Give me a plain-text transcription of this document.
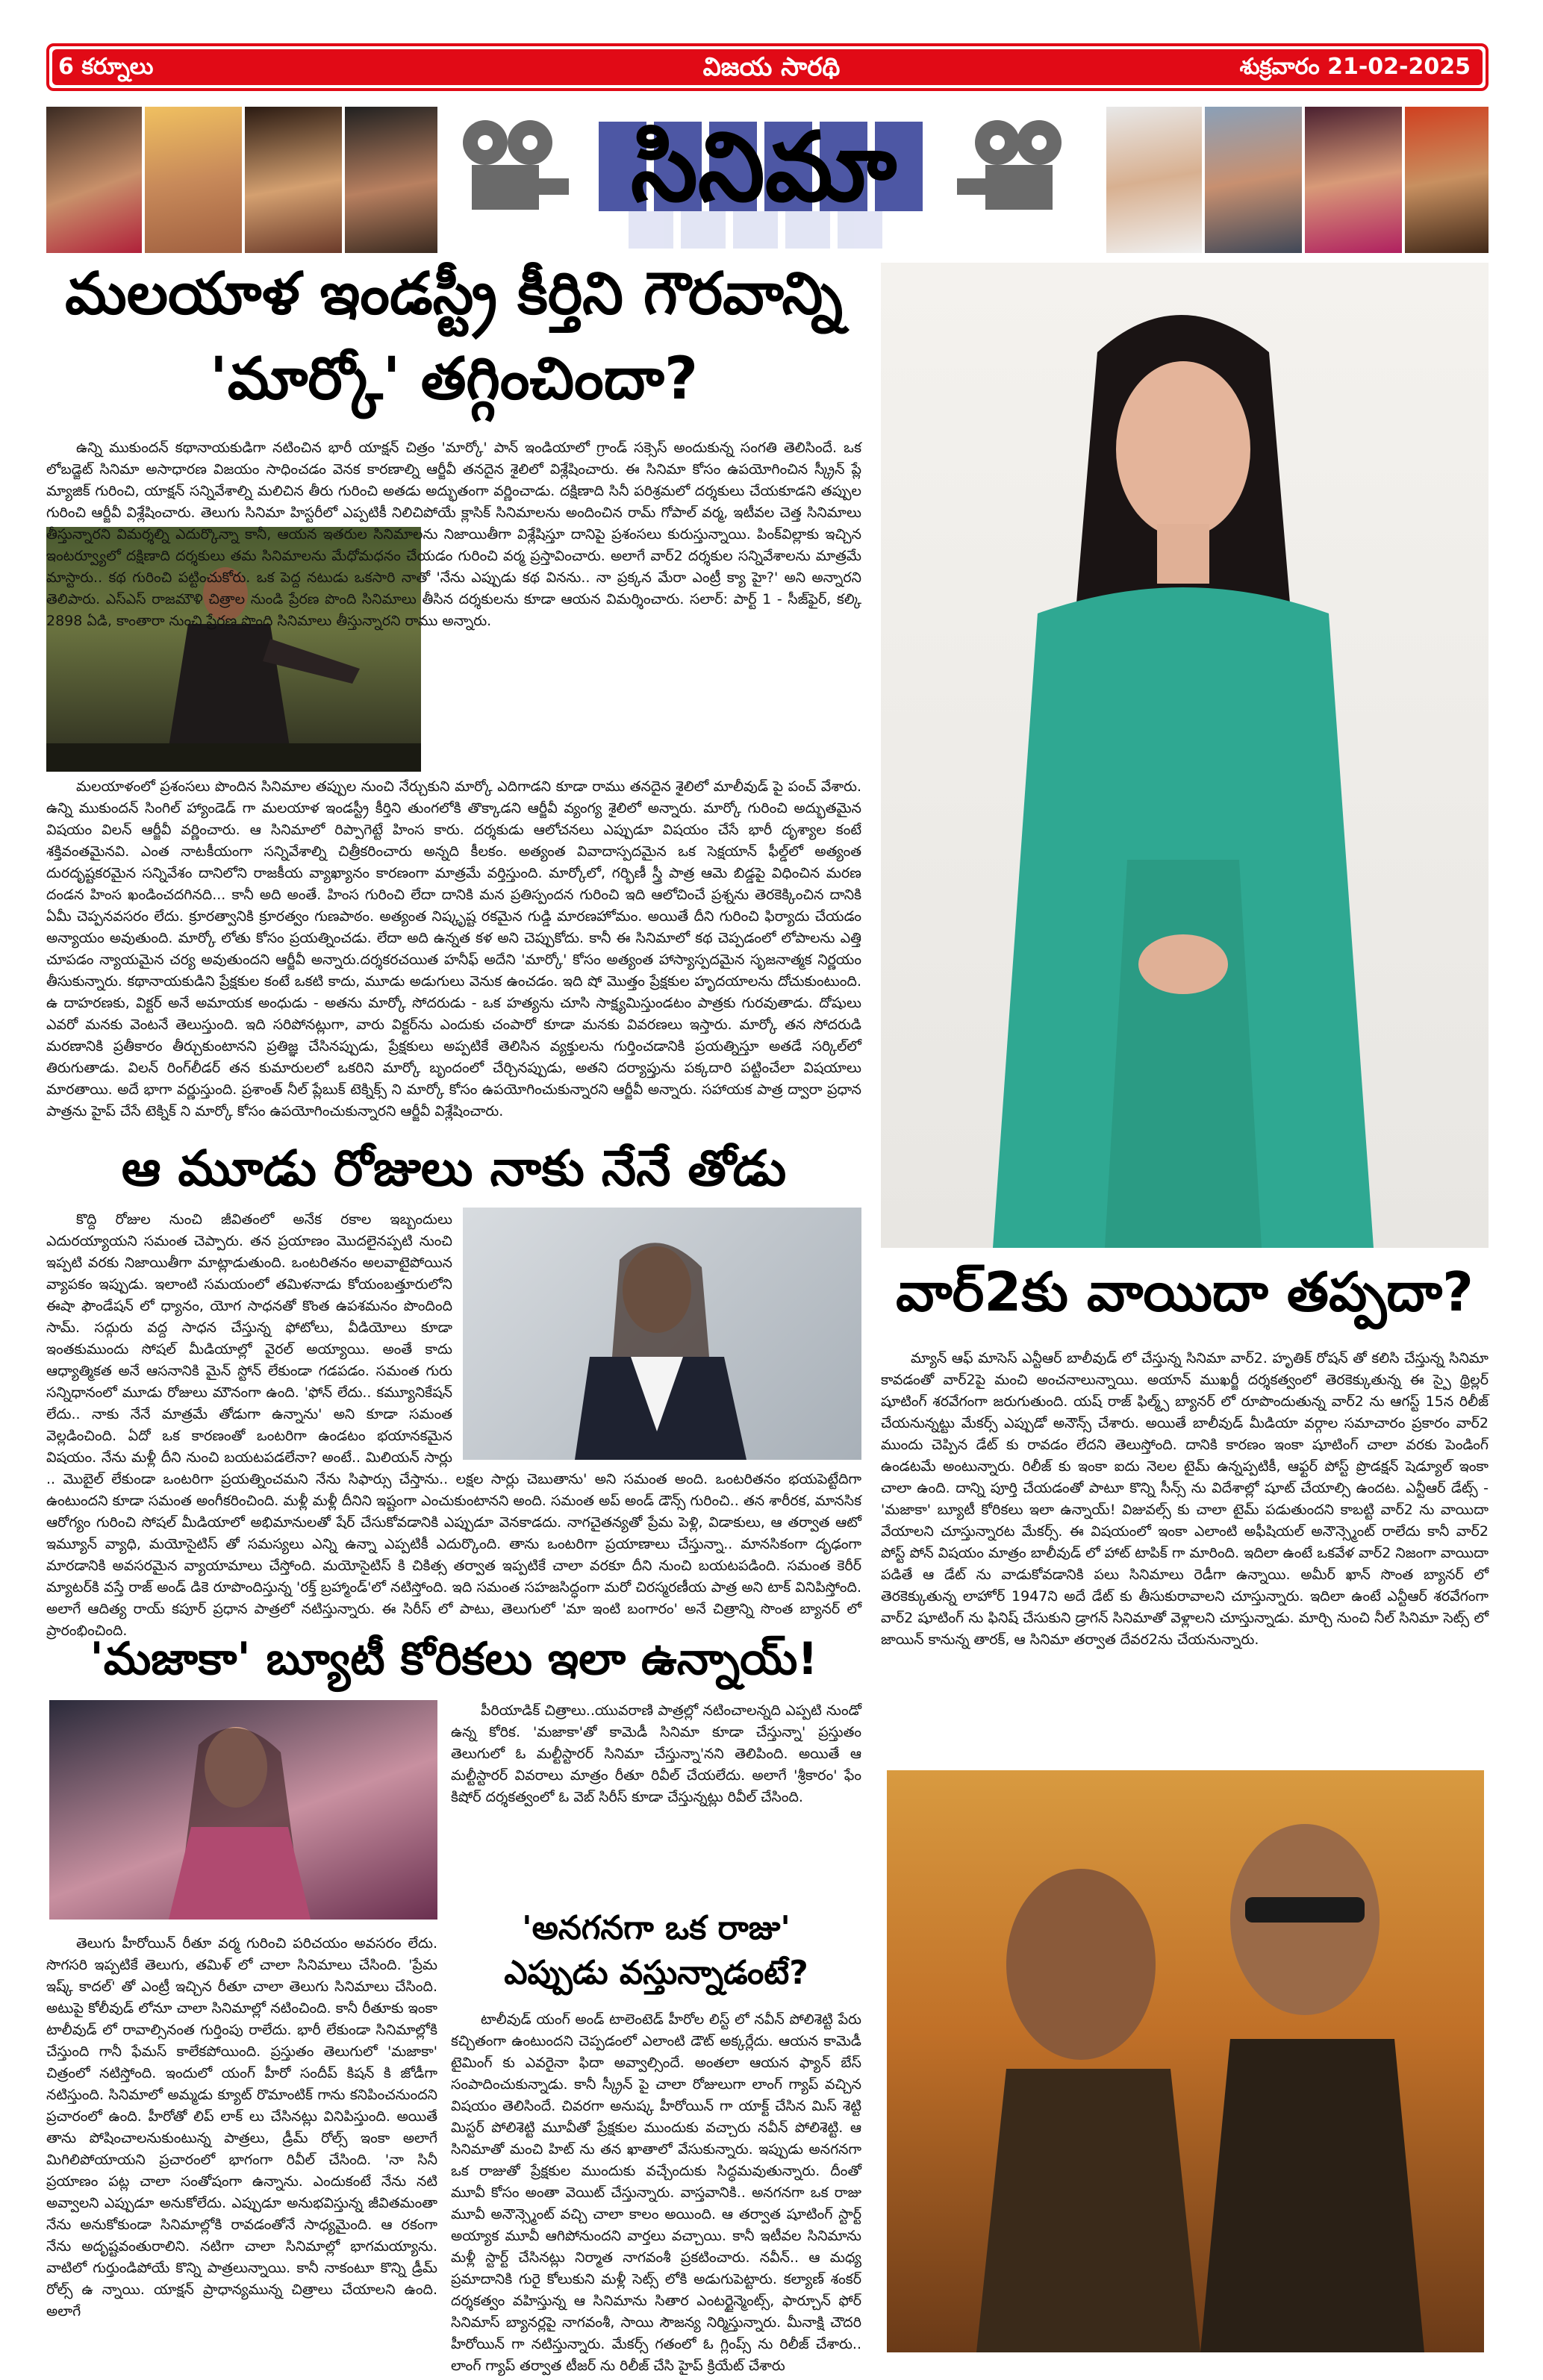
6 కర్నూలు	విజయ సారథి	శుక్రవారం 21-02-2025
సినిమా
మలయాళ ఇండస్ట్రీ కీర్తిని గౌరవాన్ని
'మార్కో' తగ్గించిందా?

ఉన్ని ముకుందన్ కథానాయకుడిగా నటించిన భారీ యాక్షన్ చిత్రం 'మార్కో' పాన్ ఇండియాలో గ్రాండ్ సక్సెస్ అందుకున్న సంగతి తెలిసిందే. ఒక లోబడ్జెట్ సినిమా అసాధారణ విజయం సాధించడం వెనక కారణాల్ని ఆర్జీవీ తనదైన శైలిలో విశ్లేషించారు. ఈ సినిమా కోసం ఉపయోగించిన స్క్రీన్ ప్లే మ్యాజిక్ గురించి, యాక్షన్ సన్నివేశాల్ని మలిచిన తీరు గురించి అతడు అద్భుతంగా వర్ణించాడు. దక్షిణాది సినీ పరిశ్రమలో దర్శకులు చేయకూడని తప్పుల గురించి ఆర్జీవీ విశ్లేషించారు. తెలుగు సినిమా హిస్టరీలో ఎప్పటికీ నిలిచిపోయే క్లాసిక్ సినిమాలను అందించిన రామ్ గోపాల్ వర్మ, ఇటీవల చెత్త సినిమాలు తీస్తున్నారని విమర్శల్ని ఎదుర్కొన్నా కానీ, ఆయన ఇతరుల సినిమాలను నిజాయితీగా విశ్లేషిస్తూ దానిపై ప్రశంసలు కురుస్తున్నాయి. పింక్‌విల్లాకు ఇచ్చిన ఇంటర్వ్యూలో దక్షిణాది దర్శకులు తమ సినిమాలను మేధోమధనం చేయడం గురించి వర్మ ప్రస్తావించారు. అలాగే వార్2 దర్శకుల సన్నివేశాలను మాత్రమే మాస్టారు.. కథ గురించి పట్టించుకోరు. ఒక పెద్ద నటుడు ఒకసారి నాతో 'నేను ఎప్పుడు కథ వినను.. నా ప్రక్కన మేరా ఎంట్రీ క్యా హై?' అని అన్నారని తెలిపారు. ఎస్ఎస్ రాజమౌళి చిత్రాల నుండి ప్రేరణ పొంది సినిమాలు తీసిన దర్శకులను కూడా ఆయన విమర్శించారు. సలార్: పార్ట్ 1 - సీజ్‌ఫైర్, కల్కి 2898 ఏడి, కాంతారా నుంచి ప్రేరణ పొంది సినిమాలు తీస్తున్నారని రాము అన్నారు.

మలయాళంలో ప్రశంసలు పొందిన సినిమాల తప్పుల నుంచి నేర్చుకుని మార్కో ఎదిగాడని కూడా రాము తనదైన శైలిలో మాలీవుడ్ పై పంచ్ వేశారు. ఉన్ని ముకుందన్ సింగిల్ హ్యాండెడ్ గా మలయాళ ఇండస్ట్రీ కీర్తిని తుంగలోకి తొక్కాడని ఆర్జీవీ వ్యంగ్య శైలిలో అన్నారు. మార్కో గురించి అద్భుతమైన విషయం విలన్ ఆర్జీవీ వర్ణించారు. ఆ సినిమాలో రిప్పాగెట్టే హింస కారు. దర్శకుడు ఆలోచనలు ఎప్పుడూ విషయం చేసే భారీ దృశ్యాల కంటే శక్తివంతమైనవి. ఎంత నాటకీయంగా సన్నివేశాల్ని చిత్రీకరించారు అన్నది కీలకం. అత్యంత వివాదాస్పదమైన ఒక సెక్షయాన్ ఫీల్డ్‌లో అత్యంత దురదృష్టకరమైన సన్నివేశం దానిలోని రాజకీయ వ్యాఖ్యానం కారణంగా మాత్రమే వర్తిస్తుంది. మార్కోలో, గర్భిణీ స్త్రీ పాత్ర ఆమె బిడ్డపై విధించిన మరణ దండన హింస ఖండించదగినది... కానీ అది అంతే. హింస గురించి లేదా దానికి మన ప్రతిస్పందన గురించి ఇది ఆలోచించే ప్రశ్నను తెరకెక్కించిన దానికి ఏమీ చెప్పనవసరం లేదు. క్రూరత్వానికి క్రూరత్వం గుణపాఠం. అత్యంత నిష్కృష్ట రకమైన గుడ్డి మారణహోమం. అయితే దీని గురించి ఫిర్యాదు చేయడం అన్యాయం అవుతుంది. మార్కో లోతు కోసం ప్రయత్నించడు. లేదా అది ఉన్నత కళ అని చెప్పుకోదు. కానీ ఈ సినిమాలో కథ చెప్పడంలో లోపాలను ఎత్తి చూపడం న్యాయమైన చర్య అవుతుందని ఆర్జీవీ అన్నారు.దర్శకరచయిత హనీఫ్ అదేని 'మార్కో' కోసం అత్యంత హాస్యాస్పదమైన సృజనాత్మక నిర్ణయం తీసుకున్నారు. కథానాయకుడిని ప్రేక్షకుల కంటే ఒకటి కాదు, మూడు అడుగులు వెనుక ఉంచడం. ఇది షో మొత్తం ప్రేక్షకుల హృదయాలను దోచుకుంటుంది. ఉ దాహరణకు, విక్టర్ అనే అమాయక అంధుడు - అతను మార్కో సోదరుడు - ఒక హత్యను చూసి సాక్ష్యమిస్తుండటం పాత్రకు గురవుతాడు. దోషులు ఎవరో మనకు వెంటనే తెలుస్తుంది. ఇది సరిపోనట్లుగా, వారు విక్టర్‌ను ఎందుకు చంపారో కూడా మనకు వివరణలు ఇస్తారు. మార్కో తన సోదరుడి మరణానికి ప్రతీకారం తీర్చుకుంటానని ప్రతిజ్ఞ చేసినప్పుడు, ప్రేక్షకులు అప్పటికే తెలిసిన వ్యక్తులను గుర్తించడానికి ప్రయత్నిస్తూ అతడే సర్కిల్‌లో తిరుగుతాడు. విలన్ రింగ్‌లీడర్ తన కుమారులలో ఒకరిని మార్కో బృందంలో చేర్చినప్పుడు, అతని దర్యాప్తును పక్కదారి పట్టించేలా విషయాలు మారతాయి. అదే భాగా వర్ణుస్తుంది. ప్రశాంత్ నీల్ ప్లేబుక్ టెక్నిక్స్ ని మార్కో కోసం ఉపయోగించుకున్నారని ఆర్జీవీ అన్నారు. సహాయక పాత్ర ద్వారా ప్రధాన పాత్రను హైప్ చేసే టెక్నిక్ ని మార్కో కోసం ఉపయోగించుకున్నారని ఆర్జీవీ విశ్లేషించారు.

ఆ మూడు రోజులు నాకు నేనే తోడు

కొద్ది రోజుల నుంచి జీవితంలో అనేక రకాల ఇబ్బందులు ఎదురయ్యాయని సమంత చెప్పారు. తన ప్రయాణం మొదలైనప్పటి నుంచి ఇప్పటి వరకు నిజాయితీగా మాట్లాడుతుంది. ఒంటరితనం అలవాటైపోయిన వ్యాపకం ఇప్పుడు. ఇలాంటి సమయంలో తమిళనాడు కోయంబత్తూరులోని ఈషా ఫౌండేషన్ లో ధ్యానం, యోగ సాధనతో కొంత ఉపశమనం పొందింది సామ్. సద్గురు వద్ద సాధన చేస్తున్న ఫోటోలు, వీడియోలు కూడా ఇంతకుముందు సోషల్ మీడియాల్లో వైరల్ అయ్యాయి. అంతే కాదు ఆధ్యాత్మికత అనే ఆసనానికి మైన్ స్టోన్ లేకుండా గడపడం. సమంత గురు సన్నిధానంలో మూడు రోజులు మౌనంగా ఉంది. 'ఫోన్ లేదు.. కమ్యూనికేషన్ లేదు.. నాకు నేనే మాత్రమే తోడుగా ఉన్నాను' అని కూడా సమంత వెల్లడించింది. ఏదో ఒక కారణంతో ఒంటరిగా ఉండటం భయానకమైన విషయం. నేను మళ్లీ దీని నుంచి బయటపడలేనా? అంటే.. మిలియన్ సార్లు .. మొబైల్ లేకుండా ఒంటరిగా ప్రయత్నించమని నేను సిఫార్సు చేస్తాను.. లక్షల సార్లు చెబుతాను' అని సమంత అంది. ఒంటరితనం భయపెట్టేదిగా ఉంటుందని కూడా సమంత అంగీకరించింది. మళ్లీ మళ్లీ దీనిని ఇష్టంగా ఎంచుకుంటానని అంది. సమంత అప్ అండ్ డౌన్స్ గురించి.. తన శారీరక, మానసిక ఆరోగ్యం గురించి సోషల్ మీడియాలో అభిమానులతో షేర్ చేసుకోవడానికి ఎప్పుడూ వెనకాడదు. నాగచైతన్యతో ప్రేమ పెళ్లి, విడాకులు, ఆ తర్వాత ఆటో ఇమ్యూన్ వ్యాధి, మయోసైటిస్ తో సమస్యలు ఎన్ని ఉన్నా ఎప్పటికీ ఎదుర్కొంది. తాను ఒంటరిగా ప్రయాణాలు చేస్తున్నా.. మానసికంగా దృఢంగా మారడానికి అవసరమైన వ్యాయామాలు చేస్తోంది. మయోసైటిస్ కి చికిత్స తర్వాత ఇప్పటికే చాలా వరకూ దీని నుంచి బయటపడింది. సమంత కెరీర్ మ్యాటర్‌కి వస్తే రాజ్ అండ్ డికె రూపొందిస్తున్న 'రక్త్ బ్రహ్మాండ్'లో నటిస్తోంది. ఇది సమంత సహజసిద్ధంగా మరో చిరస్మరణీయ పాత్ర అని టాక్ వినిపిస్తోంది. అలాగే ఆదిత్య రాయ్ కపూర్ ప్రధాన పాత్రలో నటిస్తున్నారు. ఈ సిరీస్ లో పాటు, తెలుగులో 'మా ఇంటి బంగారం' అనే చిత్రాన్ని సొంత బ్యానర్ లో ప్రారంభించింది.

'మజాకా' బ్యూటీ కోరికలు ఇలా ఉన్నాయ్!

పీరియాడిక్ చిత్రాలు..యువరాణి పాత్రల్లో నటించాలన్నది ఎప్పటి నుండో ఉన్న కోరిక. 'మజాకా'తో కామెడీ సినిమా కూడా చేస్తున్నా' ప్రస్తుతం తెలుగులో ఓ మల్టీస్టారర్ సినిమా చేస్తున్నా'నని తెలిపింది. అయితే ఆ మల్టీస్టారర్ వివరాలు మాత్రం రీతూ రివీల్ చేయలేదు. అలాగే 'శ్రీకారం' ఫేం కిషోర్ దర్శకత్వంలో ఓ వెబ్ సిరీస్ కూడా చేస్తున్నట్లు రివీల్ చేసింది.

తెలుగు హీరోయిన్ రీతూ వర్మ గురించి పరిచయం అవసరం లేదు. సొగసరి ఇప్పటికే తెలుగు, తమిళ్ లో చాలా సినిమాలు చేసింది. 'ప్రేమ ఇష్క్ కాదల్' తో ఎంట్రీ ఇచ్చిన రీతూ చాలా తెలుగు సినిమాలు చేసింది. అటుపై కోలీవుడ్ లోనూ చాలా సినిమాల్లో నటించింది. కానీ రీతూకు ఇంకా టాలీవుడ్ లో రావాల్సినంత గుర్తింపు రాలేదు. భారీ లేకుండా సినిమాల్లోకి చేస్తుంది గానీ ఫేమస్ కాలేకపోయింది. ప్రస్తుతం తెలుగులో 'మజాకా' చిత్రంలో నటిస్తోంది. ఇందులో యంగ్ హీరో సందీప్ కిషన్ కి జోడీగా నటిస్తుంది. సినిమాలో అమ్మడు క్యూట్ రొమాంటిక్ గాను కనిపించనుందని ప్రచారంలో ఉంది. హీరోతో లిప్ లాక్ లు చేసినట్లు వినిపిస్తుంది. అయితే తాను పోషించాలనుకుంటున్న పాత్రలు, డ్రీమ్ రోల్స్ ఇంకా అలాగే మిగిలిపోయాయని ప్రచారంలో భాగంగా రివీల్ చేసింది. 'నా సినీ ప్రయాణం పట్ల చాలా సంతోషంగా ఉన్నాను. ఎందుకంటే నేను నటి అవ్వాలని ఎప్పుడూ అనుకోలేదు. ఎప్పుడూ అనుభవిస్తున్న జీవితమంతా నేను అనుకోకుండా సినిమాల్లోకి రావడంతోనే సాధ్యమైంది. ఆ రకంగా నేను అదృష్టవంతురాలిని. నటిగా చాలా సినిమాల్లో భాగమయ్యాను. వాటిలో గుర్తుండిపోయే కొన్ని పాత్రలున్నాయి. కానీ నాకంటూ కొన్ని డ్రీమ్ రోల్స్ ఉ న్నాయి. యాక్షన్ ప్రాధాన్యమున్న చిత్రాలు చేయాలని ఉంది. అలాగే

'అనగనగా ఒక రాజు'
ఎప్పుడు వస్తున్నాడంటే?

టాలీవుడ్ యంగ్ అండ్ టాలెంటెడ్ హీరోల లిస్ట్ లో నవీన్ పోలిశెట్టి పేరు కచ్చితంగా ఉంటుందని చెప్పడంలో ఎలాంటి డౌట్ అక్కర్లేదు. ఆయన కామెడీ టైమింగ్ కు ఎవరైనా ఫిదా అవ్వాల్సిందే. అంతలా ఆయన ఫ్యాన్ బేస్ సంపాదించుకున్నాడు. కానీ స్క్రీన్ పై చాలా రోజులుగా లాంగ్ గ్యాప్ వచ్చిన విషయం తెలిసిందే. చివరగా అనుష్క హీరోయిన్ గా యాక్ట్ చేసిన మిస్ శెట్టి మిస్టర్ పోలిశెట్టి మూవీతో ప్రేక్షకుల ముందుకు వచ్చారు నవీన్ పోలిశెట్టి. ఆ సినిమాతో మంచి హిట్ ను తన ఖాతాలో వేసుకున్నారు. ఇప్పుడు అనగనగా ఒక రాజుతో ప్రేక్షకుల ముందుకు వచ్చేందుకు సిద్ధమవుతున్నారు. దీంతో మూవీ కోసం అంతా వెయిట్ చేస్తున్నారు. వాస్తవానికి.. అనగనగా ఒక రాజు మూవీ అనౌన్స్మెంట్ వచ్చి చాలా కాలం అయింది. ఆ తర్వాత షూటింగ్ స్టార్ట్ అయ్యాక మూవీ ఆగిపోనుందని వార్తలు వచ్చాయి. కానీ ఇటీవల సినిమాను మళ్లీ స్టార్ట్ చేసినట్లు నిర్మాత నాగవంశీ ప్రకటించారు. నవీన్.. ఆ మధ్య ప్రమాదానికి గురై కోలుకుని మళ్లీ సెట్స్ లోకి అడుగుపెట్టారు. కల్యాణ్ శంకర్ దర్శకత్వం వహిస్తున్న ఆ సినిమాను సితార ఎంటర్టైన్మెంట్స్, ఫార్చూన్ ఫోర్ సినిమాస్ బ్యానర్లపై నాగవంశీ, సాయి సౌజన్య నిర్మిస్తున్నారు. మీనాక్షి చౌదరి హీరోయిన్ గా నటిస్తున్నారు. మేకర్స్ గతంలో ఓ గ్లింప్స్ ను రిలీజ్ చేశారు.. లాంగ్ గ్యాప్ తర్వాత టీజర్ ను రిలీజ్ చేసి హైప్ క్రియేట్ చేశారు

వార్2కు వాయిదా తప్పదా?

మ్యాన్ ఆఫ్ మాసెస్ ఎన్టీఆర్ బాలీవుడ్ లో చేస్తున్న సినిమా వార్2. హృతిక్ రోషన్ తో కలిసి చేస్తున్న సినిమా కావడంతో వార్2పై మంచి అంచనాలున్నాయి. అయాన్ ముఖర్జీ దర్శకత్వంలో తెరకెక్కుతున్న ఈ స్పై థ్రిల్లర్ షూటింగ్ శరవేగంగా జరుగుతుంది. యష్ రాజ్ ఫిల్మ్స్ బ్యానర్ లో రూపొందుతున్న వార్2 ను ఆగస్ట్ 15న రిలీజ్ చేయనున్నట్టు మేకర్స్ ఎప్పుడో అనౌన్స్ చేశారు. అయితే బాలీవుడ్ మీడియా వర్గాల సమాచారం ప్రకారం వార్2 ముందు చెప్పిన డేట్ కు రావడం లేదని తెలుస్తోంది. దానికి కారణం ఇంకా షూటింగ్ చాలా వరకు పెండింగ్ ఉండటమే అంటున్నారు. రిలీజ్ కు ఇంకా ఐదు నెలల టైమ్ ఉన్నప్పటికీ, ఆఫ్టర్ పోస్ట్ ప్రొడక్షన్ షెడ్యూల్ ఇంకా చాలా ఉంది. దాన్ని పూర్తి చేయడంతో పాటూ కొన్ని సీన్స్ ను విదేశాల్లో షూట్ చేయాల్సి ఉందట. ఎన్టీఆర్ డేట్స్ - 'మజాకా' బ్యూటీ కోరికలు ఇలా ఉన్నాయ్! విజువల్స్ కు చాలా టైమ్ పడుతుందని కాబట్టి వార్2 ను వాయిదా వేయాలని చూస్తున్నారట మేకర్స్. ఈ విషయంలో ఇంకా ఎలాంటి అఫీషియల్ అనౌన్స్మెంట్ రాలేదు కానీ వార్2 పోస్ట్ పోన్ విషయం మాత్రం బాలీవుడ్ లో హాట్ టాపిక్ గా మారింది. ఇదిలా ఉంటే ఒకవేళ వార్2 నిజంగా వాయిదా పడితే ఆ డేట్ ను వాడుకోవడానికి పలు సినిమాలు రెడీగా ఉన్నాయి. అమీర్ ఖాన్ సొంత బ్యానర్ లో తెరకెక్కుతున్న లాహోర్ 1947ని అదే డేట్ కు తీసుకురావాలని చూస్తున్నారు. ఇదిలా ఉంటే ఎన్టీఆర్ శరవేగంగా వార్2 షూటింగ్ ను ఫినిష్ చేసుకుని డ్రాగన్ సినిమాతో వెళ్లాలని చూస్తున్నాడు. మార్చి నుంచి నీల్ సినిమా సెట్స్ లో జాయిన్ కానున్న తారక్, ఆ సినిమా తర్వాత దేవర2ను చేయనున్నారు.
